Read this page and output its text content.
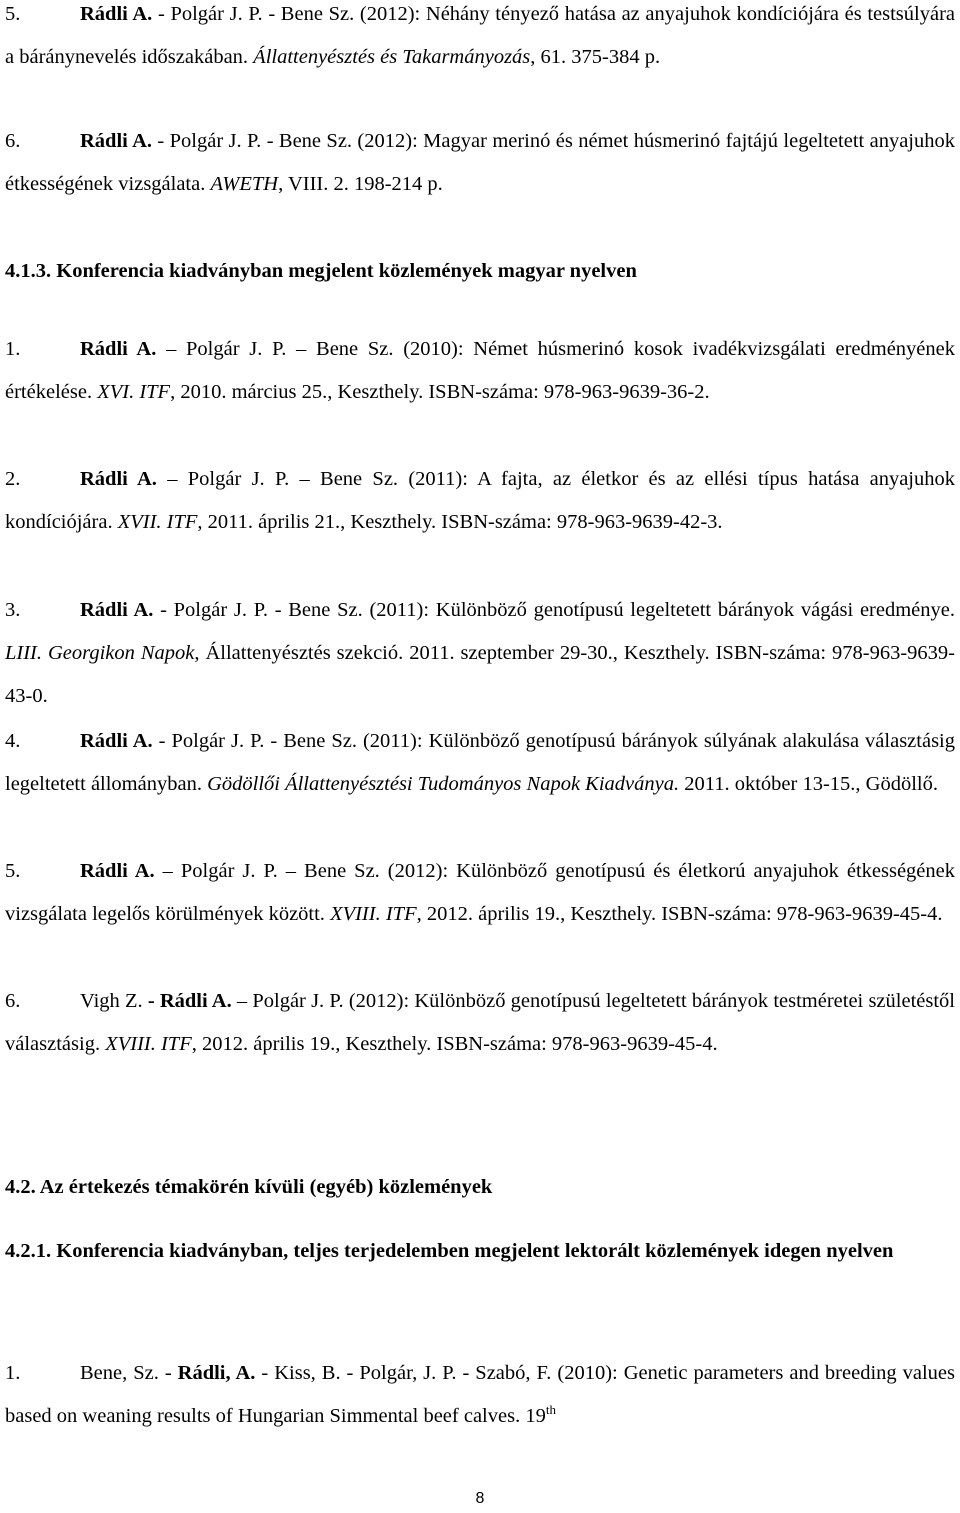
5.	Rádli A. - Polgár J. P. - Bene Sz. (2012): Néhány tényező hatása az anyajuhok kondíciójára és testsúlyára a báránynevelés időszakában. Állattenyésztés és Takarmányozás, 61. 375-384 p.
6.	Rádli A. - Polgár J. P. - Bene Sz. (2012): Magyar merinó és német húsmerinó fajtájú legeltetett anyajuhok étkességének vizsgálata. AWETH, VIII. 2. 198-214 p.
4.1.3. Konferencia kiadványban megjelent közlemények magyar nyelven
1.	Rádli A. – Polgár J. P. – Bene Sz. (2010): Német húsmerinó kosok ivadékvizsgálati eredményének értékelése. XVI. ITF, 2010. március 25., Keszthely. ISBN-száma: 978-963-9639-36-2.
2.	Rádli A. – Polgár J. P. – Bene Sz. (2011): A fajta, az életkor és az ellési típus hatása anyajuhok kondíciójára. XVII. ITF, 2011. április 21., Keszthely. ISBN-száma: 978-963-9639-42-3.
3.	Rádli A. - Polgár J. P. - Bene Sz. (2011): Különböző genotípusú legeltetett bárányok vágási eredménye. LIII. Georgikon Napok, Állattenyésztés szekció. 2011. szeptember 29-30., Keszthely. ISBN-száma: 978-963-9639-43-0.
4.	Rádli A. - Polgár J. P. - Bene Sz. (2011): Különböző genotípusú bárányok súlyának alakulása választásig legeltetett állományban. Gödöllői Állattenyésztési Tudományos Napok Kiadványa. 2011. október 13-15., Gödöllő.
5.	Rádli A. – Polgár J. P. – Bene Sz. (2012): Különböző genotípusú és életkorú anyajuhok étkességének vizsgálata legelős körülmények között. XVIII. ITF, 2012. április 19., Keszthely. ISBN-száma: 978-963-9639-45-4.
6.	Vigh Z. - Rádli A. – Polgár J. P. (2012): Különböző genotípusú legeltetett bárányok testméretei születéstől választásig. XVIII. ITF, 2012. április 19., Keszthely. ISBN-száma: 978-963-9639-45-4.
4.2. Az értekezés témakörén kívüli (egyéb) közlemények
4.2.1. Konferencia kiadványban, teljes terjedelemben megjelent lektorált közlemények idegen nyelven
1.	Bene, Sz. - Rádli, A. - Kiss, B. - Polgár, J. P. - Szabó, F. (2010): Genetic parameters and breeding values based on weaning results of Hungarian Simmental beef calves. 19th
8
